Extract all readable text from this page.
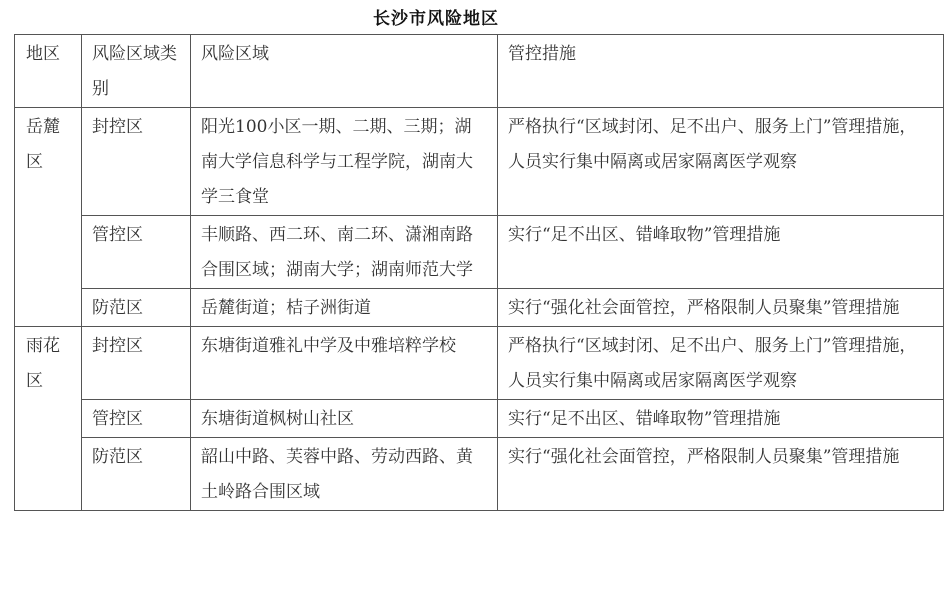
长沙市风险地区
地区	风险区域类别	风险区域	管控措施
岳麓区	封控区	阳光100小区一期、二期、三期；湖南大学信息科学与工程学院，湖南大学三食堂	严格执行“区域封闭、足不出户、服务上门”管理措施，人员实行集中隔离或居家隔离医学观察
	管控区	丰顺路、西二环、南二环、潇湘南路合围区域；湖南大学；湖南师范大学	实行“足不出区、错峰取物”管理措施
	防范区	岳麓街道；桔子洲街道	实行“强化社会面管控，严格限制人员聚集”管理措施
雨花区	封控区	东塘街道雅礼中学及中雅培粹学校	严格执行“区域封闭、足不出户、服务上门”管理措施，人员实行集中隔离或居家隔离医学观察
	管控区	东塘街道枫树山社区	实行“足不出区、错峰取物”管理措施
	防范区	韶山中路、芙蓉中路、劳动西路、黄土岭路合围区域	实行“强化社会面管控，严格限制人员聚集”管理措施
